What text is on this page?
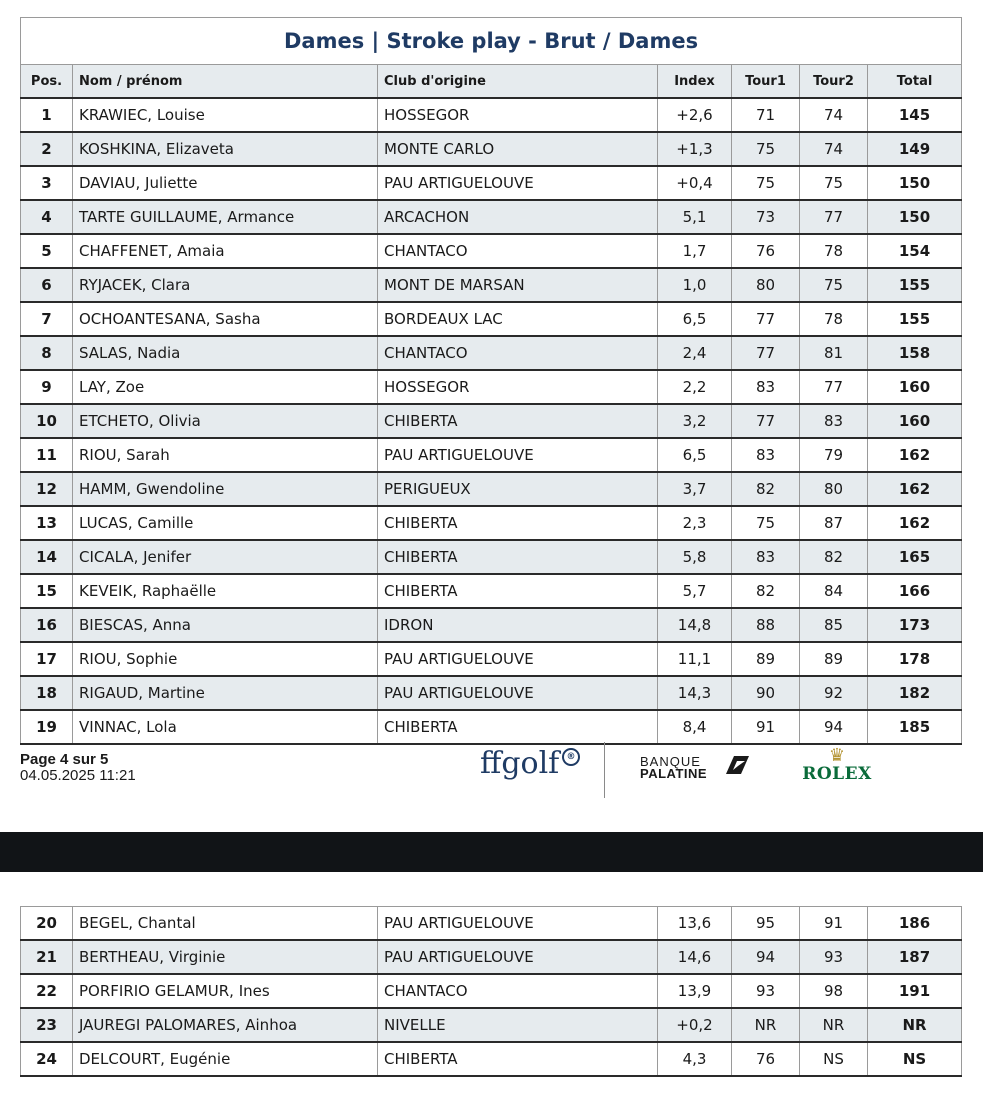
Dames | Stroke play - Brut / Dames						
Pos.	Nom / prénom	Club d'origine	Index	Tour1	Tour2	Total
1	KRAWIEC, Louise	HOSSEGOR	+2,6	71	74	145
2	KOSHKINA, Elizaveta	MONTE CARLO	+1,3	75	74	149
3	DAVIAU, Juliette	PAU ARTIGUELOUVE	+0,4	75	75	150
4	TARTE GUILLAUME, Armance	ARCACHON	5,1	73	77	150
5	CHAFFENET, Amaia	CHANTACO	1,7	76	78	154
6	RYJACEK, Clara	MONT DE MARSAN	1,0	80	75	155
7	OCHOANTESANA, Sasha	BORDEAUX LAC	6,5	77	78	155
8	SALAS, Nadia	CHANTACO	2,4	77	81	158
9	LAY, Zoe	HOSSEGOR	2,2	83	77	160
10	ETCHETO, Olivia	CHIBERTA	3,2	77	83	160
11	RIOU, Sarah	PAU ARTIGUELOUVE	6,5	83	79	162
12	HAMM, Gwendoline	PERIGUEUX	3,7	82	80	162
13	LUCAS, Camille	CHIBERTA	2,3	75	87	162
14	CICALA, Jenifer	CHIBERTA	5,8	83	82	165
15	KEVEIK, Raphaëlle	CHIBERTA	5,7	82	84	166
16	BIESCAS, Anna	IDRON	14,8	88	85	173
17	RIOU, Sophie	PAU ARTIGUELOUVE	11,1	89	89	178
18	RIGAUD, Martine	PAU ARTIGUELOUVE	14,3	90	92	182
19	VINNAC, Lola	CHIBERTA	8,4	91	94	185
Page 4 sur 5
04.05.2025 11:21	ffgolf ®	BANQUE
PALATINE
♛
ROLEX
20	BEGEL, Chantal	PAU ARTIGUELOUVE	13,6	95	91	186
21	BERTHEAU, Virginie	PAU ARTIGUELOUVE	14,6	94	93	187
22	PORFIRIO GELAMUR, Ines	CHANTACO	13,9	93	98	191
23	JAUREGI PALOMARES, Ainhoa	NIVELLE	+0,2	NR	NR	NR
24	DELCOURT, Eugénie	CHIBERTA	4,3	76	NS	NS
